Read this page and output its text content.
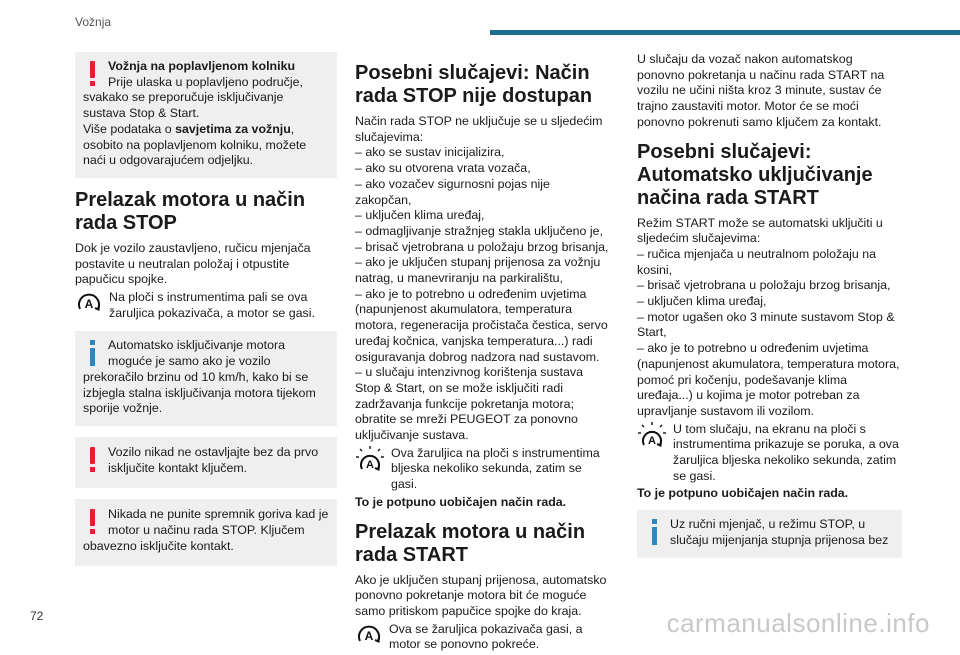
Vožnja

Vožnja na poplavljenom kolniku

Prije ulaska u poplavljeno područje, svakako se preporučuje isključivanje sustava Stop & Start.

Više podataka o savjetima za vožnju, osobito na poplavljenom kolniku, možete naći u odgovarajućem odjeljku.

Prelazak motora u način rada STOP

Dok je vozilo zaustavljeno, ručicu mjenjača postavite u neutralan položaj i otpustite papučicu spojke.

A Na ploči s instrumentima pali se ova žaruljica pokazivača, a motor se gasi.

Automatsko isključivanje motora moguće je samo ako je vozilo prekoračilo brzinu od 10 km/h, kako bi se izbjegla stalna isključivanja motora tijekom sporije vožnje.

Vozilo nikad ne ostavljajte bez da prvo isključite kontakt ključem.

Nikada ne punite spremnik goriva kad je motor u načinu rada STOP. Ključem obavezno isključite kontakt.

Posebni slučajevi: Način rada STOP nije dostupan

Način rada STOP ne uključuje se u sljedećim slučajevima:

– ako se sustav inicijalizira,

– ako su otvorena vrata vozača,

– ako vozačev sigurnosni pojas nije zakopčan,

– uključen klima uređaj,

– odmagljivanje stražnjeg stakla uključeno je,

– brisač vjetrobrana u položaju brzog brisanja,

– ako je uključen stupanj prijenosa za vožnju natrag, u manevriranju na parkiralištu,

– ako je to potrebno u određenim uvjetima (napunjenost akumulatora, temperatura motora, regeneracija pročistača čestica, servo uređaj kočnica, vanjska temperatura...) radi osiguravanja dobrog nadzora nad sustavom.

– u slučaju intenzivnog korištenja sustava Stop & Start, on se može isključiti radi zadržavanja funkcije pokretanja motora; obratite se mreži PEUGEOT za ponovno uključivanje sustava.

A
Ova žaruljica na ploči s instrumentima bljeska nekoliko sekunda, zatim se gasi.

To je potpuno uobičajen način rada.

Prelazak motora u način rada START

Ako je uključen stupanj prijenosa, automatsko ponovno pokretanje motora bit će moguće samo pritiskom papučice spojke do kraja.

A Ova se žaruljica pokazivača gasi, a motor se ponovno pokreće.

U slučaju da vozač nakon automatskog ponovno pokretanja u načinu rada START na vozilu ne učini ništa kroz 3 minute, sustav će trajno zaustaviti motor. Motor će se moći ponovno pokrenuti samo ključem za kontakt.

Posebni slučajevi: Automatsko uključivanje načina rada START

Režim START može se automatski uključiti u sljedećim slučajevima:

– ručica mjenjača u neutralnom položaju na kosini,

– brisač vjetrobrana u položaju brzog brisanja,

– uključen klima uređaj,

– motor ugašen oko 3 minute sustavom Stop & Start,

– ako je to potrebno u određenim uvjetima (napunjenost akumulatora, temperatura motora, pomoć pri kočenju, podešavanje klima uređaja...) u kojima je motor potreban za upravljanje sustavom ili vozilom.

A
U tom slučaju, na ekranu na ploči s instrumentima prikazuje se poruka, a ova žaruljica bljeska nekoliko sekunda, zatim se gasi.

To je potpuno uobičajen način rada.

Uz ručni mjenjač, u režimu STOP, u slučaju mijenjanja stupnja prijenosa bez

72	carmanualsonline.info
